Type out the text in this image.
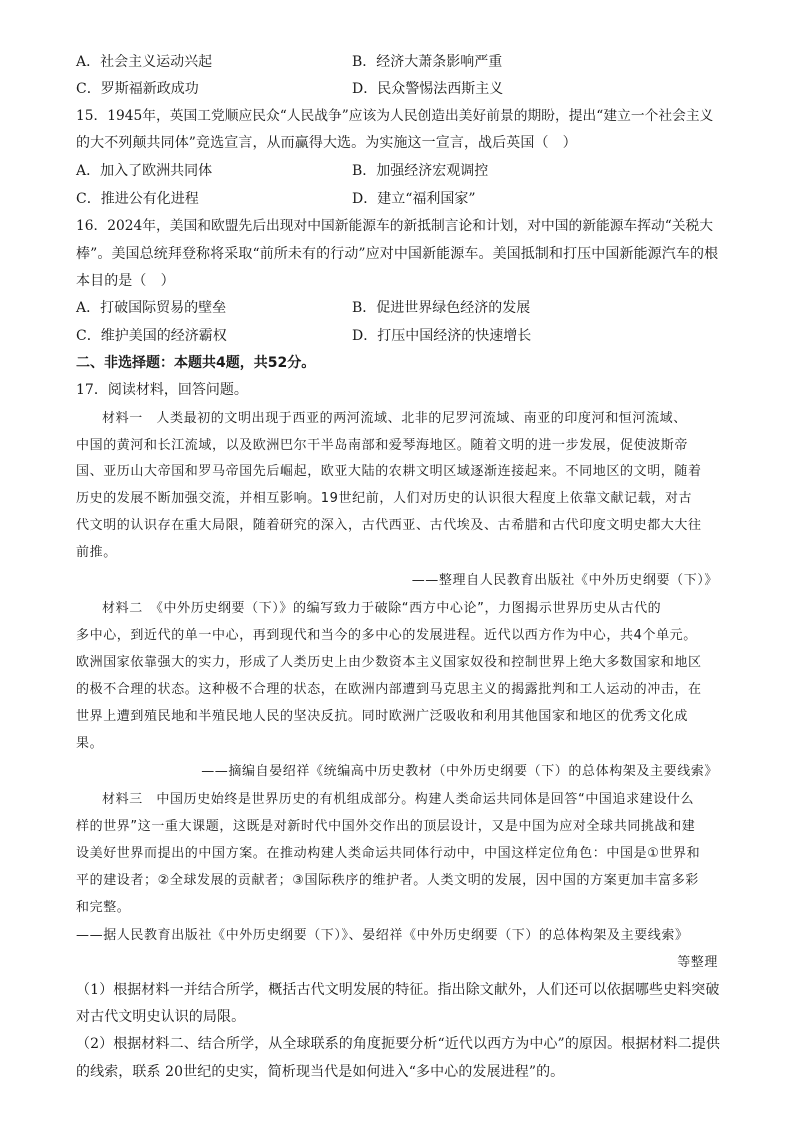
A．社会主义运动兴起	B．经济大萧条影响严重
C．罗斯福新政成功	D．民众警惕法西斯主义
15．1945年，英国工党顺应民众“人民战争”应该为人民创造出美好前景的期盼，提出“建立一个社会主义
的大不列颠共同体”竞选宣言，从而赢得大选。为实施这一宣言，战后英国（　）
A．加入了欧洲共同体	B．加强经济宏观调控
C．推进公有化进程	D．建立“福利国家”
16．2024年，美国和欧盟先后出现对中国新能源车的新抵制言论和计划，对中国的新能源车挥动“关税大
棒”。美国总统拜登称将采取“前所未有的行动”应对中国新能源车。美国抵制和打压中国新能源汽车的根
本目的是（　）
A．打破国际贸易的壁垒	B．促进世界绿色经济的发展
C．维护美国的经济霸权	D．打压中国经济的快速增长
二、非选择题：本题共4题，共52分。
17．阅读材料，回答问题。
材料一　人类最初的文明出现于西亚的两河流域、北非的尼罗河流域、南亚的印度河和恒河流域、
中国的黄河和长江流域，以及欧洲巴尔干半岛南部和爱琴海地区。随着文明的进一步发展，促使波斯帝
国、亚历山大帝国和罗马帝国先后崛起，欧亚大陆的农耕文明区域逐渐连接起来。不同地区的文明，随着
历史的发展不断加强交流，并相互影响。19世纪前，人们对历史的认识很大程度上依靠文献记载，对古
代文明的认识存在重大局限，随着研究的深入，古代西亚、古代埃及、古希腊和古代印度文明史都大大往
前推。
——整理自人民教育出版社《中外历史纲要（下）》
材料二　《中外历史纲要（下）》的编写致力于破除“西方中心论”，力图揭示世界历史从古代的
多中心，到近代的单一中心，再到现代和当今的多中心的发展进程。近代以西方作为中心，共4个单元。
欧洲国家依靠强大的实力，形成了人类历史上由少数资本主义国家奴役和控制世界上绝大多数国家和地区
的极不合理的状态。这种极不合理的状态，在欧洲内部遭到马克思主义的揭露批判和工人运动的冲击，在
世界上遭到殖民地和半殖民地人民的坚决反抗。同时欧洲广泛吸收和利用其他国家和地区的优秀文化成
果。
——摘编自晏绍祥《统编高中历史教材（中外历史纲要（下）的总体构架及主要线索》
材料三　中国历史始终是世界历史的有机组成部分。构建人类命运共同体是回答“中国追求建设什么
样的世界”这一重大课题，这既是对新时代中国外交作出的顶层设计，又是中国为应对全球共同挑战和建
设美好世界而提出的中国方案。在推动构建人类命运共同体行动中，中国这样定位角色：中国是①世界和
平的建设者；②全球发展的贡献者；③国际秩序的维护者。人类文明的发展，因中国的方案更加丰富多彩
和完整。
——据人民教育出版社《中外历史纲要（下）》、晏绍祥《中外历史纲要（下）的总体构架及主要线索》
等整理
（1）根据材料一并结合所学，概括古代文明发展的特征。指出除文献外，人们还可以依据哪些史料突破
对古代文明史认识的局限。
（2）根据材料二、结合所学，从全球联系的角度扼要分析“近代以西方为中心”的原因。根据材料二提供
的线索，联系 20世纪的史实，简析现当代是如何进入“多中心的发展进程”的。
